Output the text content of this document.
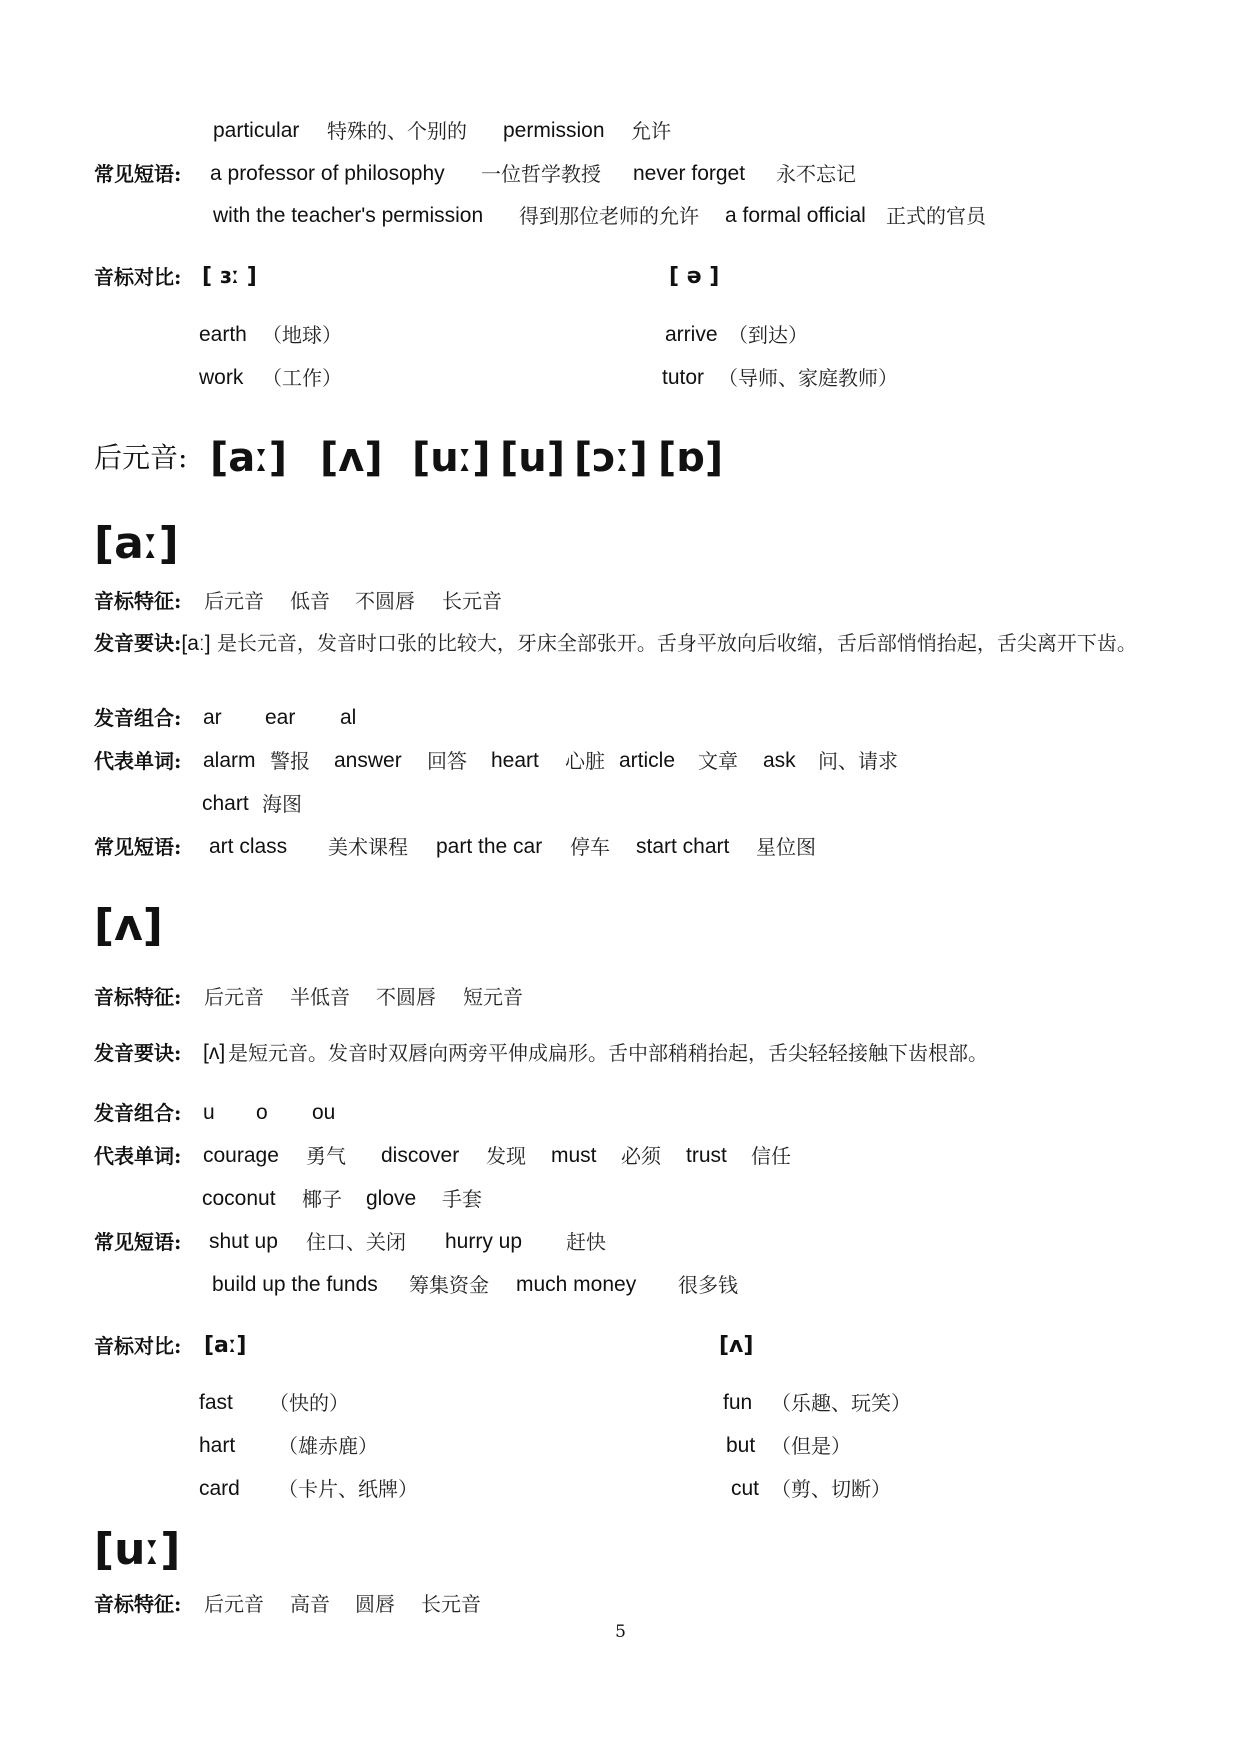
particular 特殊的、个别的 permission 允许
常见短语: a professor of philosophy 一位哲学教授 never forget 永不忘记
with the teacher's permission 得到那位老师的允许 a formal official 正式的官员
音标对比: [ ɜː ]	[ ə ]
earth （地球）	arrive （到达）
work （工作）	tutor （导师、家庭教师）
后元音: [aː] [ʌ] [uː] [u] [ɔː] [ɒ]
[aː]
音标特征: 后元音 低音 不圆唇 长元音
发音要诀:[aː] 是长元音，发音时口张的比较大，牙床全部张开。舌身平放向后收缩，舌后部悄悄抬起，舌尖离开下齿。
发音组合: ar ear al
代表单词: alarm 警报 answer 回答 heart 心脏 article 文章 ask 问、请求
chart 海图
常见短语: art class 美术课程 part the car 停车 start chart 星位图
[ʌ]
音标特征: 后元音 半低音 不圆唇 短元音
发音要诀: [ʌ] 是短元音。发音时双唇向两旁平伸成扁形。舌中部稍稍抬起，舌尖轻轻接触下齿根部。
发音组合: u o ou
代表单词: courage 勇气 discover 发现 must 必须 trust 信任
coconut 椰子 glove 手套
常见短语: shut up 住口、关闭 hurry up 赶快
build up the funds 筹集资金 much money 很多钱
音标对比: [aː]	[ʌ]
fast （快的）	fun （乐趣、玩笑）
hart （雄赤鹿）	but （但是）
card （卡片、纸牌）	cut （剪、切断）
[uː]
音标特征: 后元音 高音 圆唇 长元音
5
